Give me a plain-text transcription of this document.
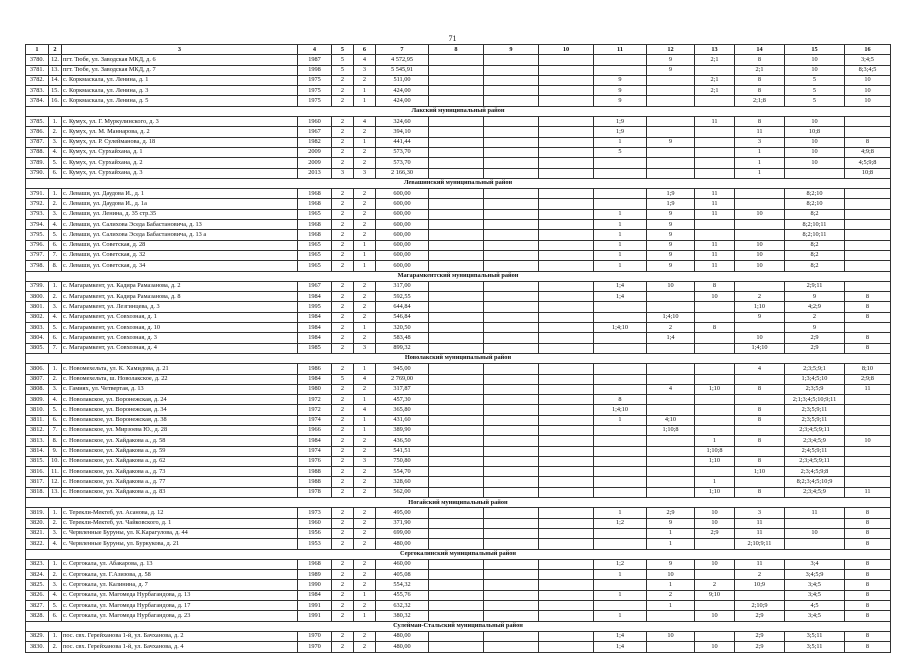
71
1	2	3	4	5	6	7	8	9	10	11	12	13	14	15	16
3780.	12.	пгт. Тюбе, ул. Заводская МКД, д. 6	1987	5	4	4 572,95					9	2;1	8	10	3;4;5
3781.	13.	пгт. Тюбе, ул. Заводская МКД, д. 7	1998	5	3	5 545,91					9		2;1	10	8;3;4;5
3782.	14.	с. Коркмаскала, ул. Ленина, д. 1	1975	2	2	511,00				9		2;1	8	5	10
3783.	15.	с. Коркмаскала, ул. Ленина, д. 3	1975	2	1	424,00				9		2;1	8	5	10
3784.	16.	с. Коркмаскала, ул. Ленина, д. 5	1975	2	1	424,00				9			2;1;8	5	10
Лакский муниципальный район															
3785.	1.	с. Кумух, ул. Г. Муркулинского, д. 3	1960	2	4	324,60				1;9		11	8	10	
3786.	2.	с. Кумух, ул. М. Маннарова, д. 2	1967	2	2	394,10				1;9			11	10;8	
3787.	3.	с. Кумух, ул. Р. Сулейманова, д. 18	1982	2	1	441,44				1	9		3	10	8
3788.	4.	с. Кумух, ул. Сурхайхана, д. 1	2009	2	2	573,70				5			1	10	4;9;8
3789.	5.	с. Кумух, ул. Сурхайхана, д. 2	2009	2	2	573,70							1	10	4;5;9;8
3790.	6.	с. Кумух, ул. Сурхайхана, д. 3	2013	3	3	2 166,30							1		10;8
Левашинский муниципальный район															
3791.	1.	с. Леваши, ул. Даудова И., д. 1	1968	2	2	600,00					1;9	11		8;2;10	
3792.	2.	с. Леваши, ул. Даудова И., д. 1а	1968	2	2	600,00					1;9	11		8;2;10	
3793.	3.	с. Леваши, ул. Ленина, д. 35 стр.35	1965	2	2	600,00				1	9	11	10	8;2	
3794.	4.	с. Леваши, ул. Салихова Эседа Бабастановича, д. 13	1968	2	2	600,00				1	9			8;2;10;11	
3795.	5.	с. Леваши, ул. Салихова Эседа Бабастановича, д. 13 а	1968	2	2	600,00				1	9			8;2;10;11	
3796.	6.	с. Леваши, ул. Советская, д. 28	1965	2	1	600,00				1	9	11	10	8;2	
3797.	7.	с. Леваши, ул. Советская, д. 32	1965	2	1	600,00				1	9	11	10	8;2	
3798.	8.	с. Леваши, ул. Советская, д. 34	1965	2	1	600,00				1	9	11	10	8;2	
Магарамкентский муниципальный район															
3799.	1.	с. Магарамкент, ул. Кадира Рамазанова, д. 2	1967	2	2	317,00				1;4	10	8		2;9;11	
3800.	2.	с. Магарамкент, ул. Кадира Рамазанова, д. 8	1984	2	2	592,55				1;4		10	2	9	8
3801.	3.	с. Магарамкент, ул. Лезгинцева, д. 3	1995	2	2	644,84							1;10	4;2;9	8
3802.	4.	с. Магарамкент, ул. Совхозная, д. 1	1984	2	2	546,84					1;4;10		9	2	8
3803.	5.	с. Магарамкент, ул. Совхозная, д. 10	1984	2	1	320,50				1;4;10	2	8		9	
3804.	6.	с. Магарамкент, ул. Совхозная, д. 3	1984	2	2	583,48					1;4		10	2;9	8
3805.	7.	с. Магарамкент, ул. Совхозная, д. 4	1985	2	3	899,32							1;4;10	2;9	8
Новолакский муниципальный район															
3806.	1.	с. Новомехельта, ул. К. Хамидова, д. 21	1986	2	1	945,00							4	2;3;5;9;1	8;10
3807.	2.	с. Новомехельта, ш. Новолакское, д. 22	1984	5	4	2 769,00								1;3;4;5;10	2;9;8
3808.	3.	с. Гамиях, ул. Четвертая, д. 13	1980	2	2	317,87					4	1;10	8	2;3;5;9	11
3809.	4.	с. Новолакское, ул. Воронежская, д. 24	1972	2	1	457,30				8				2;1;3;4;5;10;9;11	
3810.	5.	с. Новолакское, ул. Воронежская, д. 34	1972	2	4	365,80				1;4;10			8	2;3;5;9;11	
3811.	6.	с. Новолакское, ул. Воронежская, д. 38	1974	2	1	431,60				1	4;10		8	2;3;5;9;11	
3812.	7.	с. Новолакское, ул. Мирзоева Ю., д. 28	1966	2	1	389,90					1;10;8			2;3;4;5;9;11	
3813.	8.	с. Новолакское, ул. Хайдакова а., д. 58	1984	2	2	436,50						1	8	2;3;4;5;9	10
3814.	9.	с. Новолакское, ул. Хайдакова а., д. 59	1974	2	2	541,51						1;10;8		2;4;5;9;11	
3815.	10.	с. Новолакское, ул. Хайдакова а., д. 62	1976	2	3	750,80						1;10	8	2;3;4;5;9;11	
3816.	11.	с. Новолакское, ул. Хайдакова а., д. 73	1988	2	2	554,70							1;10	2;3;4;5;9;8	
3817.	12.	с. Новолакское, ул. Хайдакова а., д. 77	1988	2	2	328,60						1		8;2;3;4;5;10;9	
3818.	13.	с. Новолакское, ул. Хайдакова а., д. 83	1978	2	2	562,00						1;10	8	2;3;4;5;9	11
Ногайский муниципальный район															
3819.	1.	с. Терекли-Мектеб, ул. Асанова, д. 12	1973	2	2	495,00				1	2;9	10	3	11	8
3820.	2.	с. Терекли-Мектеб, ул. Чайковского, д. 1	1960	2	2	371,90				1;2	9	10	11		8
3821.	3.	с. Червленные Буруны, ул. К.Карагулова, д. 44	1956	2	2	699,00					1	2;9	11	10	8
3822.	4.	с. Червленные Буруны, ул. Буркукова, д. 21	1953	2	2	480,00					1		2;10;9;11		8
Сергокалинский муниципальный район															
3823.	1.	с. Сергокала, ул. Абакарова, д. 13	1968	2	2	460,00				1;2	9	10	11	3;4	8
3824.	2.	с. Сергокала, ул. Г.Азизова, д. 58	1989	2	2	405,08				1	10		2	3;4;5;9	8
3825.	3.	с. Сергокала, ул. Калинина, д. 7	1990	2	2	554,32					1	2	10;9	3;4;5	8
3826.	4.	с. Сергокала, ул. Магомеда Нурбагандова, д. 13	1984	2	1	455,76				1	2	9;10		3;4;5	8
3827.	5.	с. Сергокала, ул. Магомеда Нурбагандова, д. 17	1991	2	2	632,32					1		2;10;9	4;5	8
3828.	6.	с. Сергокала, ул. Магомеда Нурбагандова, д. 23	1991	2	1	380,32				1		10	2;9	3;4;5	8
Сулейман-Стальский муниципальный район															
3829.	1.	пос. свх. Герейханова 1-й, ул. Бачханова, д. 2	1970	2	2	480,00				1;4	10		2;9	3;5;11	8
3830.	2.	пос. свх. Герейханова 1-й, ул. Бачханова, д. 4	1970	2	2	480,00				1;4		10	2;9	3;5;11	8
